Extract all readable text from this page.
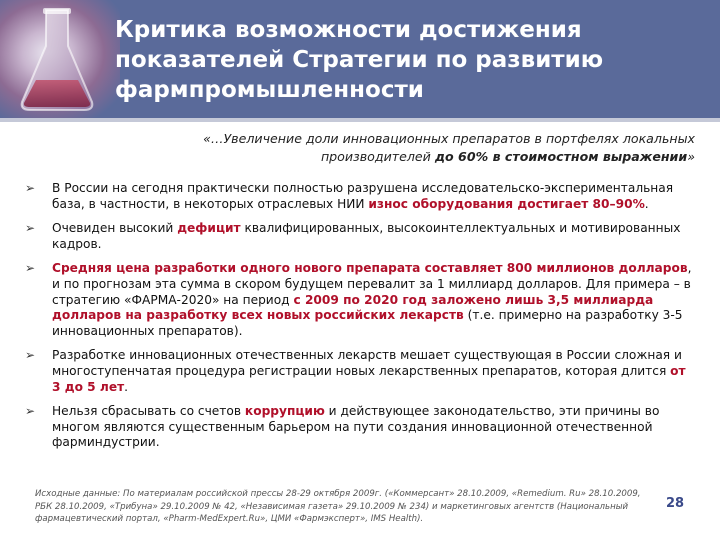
Критика возможности достижения показателей Стратегии по развитию фармпромышленности

«…Увеличение доли инновационных препаратов в портфелях локальных производителей до 60% в стоимостном выражении»

➢ В России на сегодня практически полностью разрушена исследовательско-экспериментальная база, в частности, в некоторых отраслевых НИИ износ оборудования достигает 80–90%.
➢ Очевиден высокий дефицит квалифицированных, высокоинтеллектуальных и мотивированных кадров.
➢ Средняя цена разработки одного нового препарата составляет 800 миллионов долларов, и по прогнозам эта сумма в скором будущем перевалит за 1 миллиард долларов. Для примера – в стратегию «ФАРМА-2020» на период с 2009 по 2020 год заложено лишь 3,5 миллиарда долларов на разработку всех новых российских лекарств (т.е. примерно на разработку 3-5 инновационных препаратов).
➢ Разработке инновационных отечественных лекарств мешает существующая в России сложная и многоступенчатая процедура регистрации новых лекарственных препаратов, которая длится от 3 до 5 лет.
➢ Нельзя сбрасывать со счетов коррупцию и действующее законодательство, эти причины во многом являются существенным барьером на пути создания инновационной отечественной фарминдустрии.

Исходные данные: По материалам российской прессы 28-29 октября 2009г. («Коммерсант» 28.10.2009, «Remedium. Ru» 28.10.2009, РБК 28.10.2009, «Трибуна» 29.10.2009 № 42, «Независимая газета» 29.10.2009 № 234) и маркетинговых агентств (Национальный фармацевтический портал, «Pharm-MedExpert.Ru», ЦМИ «Фармэксперт», IMS Health).

28
